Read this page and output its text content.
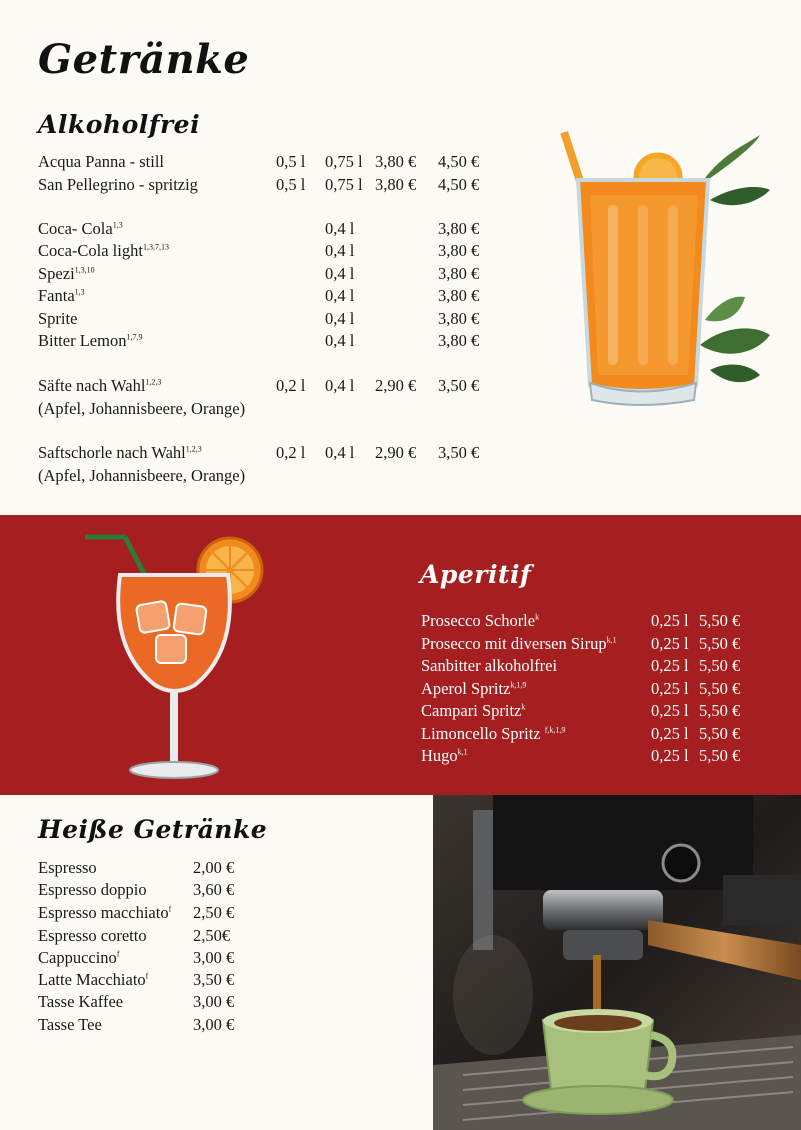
Getränke
Alkoholfrei
Acqua Panna - still	0,5 l 0,75 l 3,80 € 4,50 €
San Pellegrino - spritzig	0,5 l 0,75 l 3,80 € 4,50 €
Coca- Cola$^{1,3}$	0,4 l	3,80 €
Coca-Cola light$^{1,3,7,13}$	0,4 l	3,80 €
Spezi$^{1,3,10}$	0,4 l	3,80 €
Fanta$^{1,3}$	0,4 l	3,80 €
Sprite	0,4 l	3,80 €
Bitter Lemon$^{1,7,9}$	0,4 l	3,80 €
Säfte nach Wahl$^{1,2,3}$	0,2 l 0,4 l 2,90 € 3,50 €
(Apfel, Johannisbeere, Orange)
Saftschorle nach Wahl$^{1,2,3}$	0,2 l 0,4 l 2,90 € 3,50 €
(Apfel, Johannisbeere, Orange)
Aperitif
Prosecco Schorle$^k$	0,25 l 5,50 €
Prosecco mit diversen Sirup$^{k,1}$ 0,25 l 5,50 €
Sanbitter alkoholfrei	0,25 l 5,50 €
Aperol Spritz$^{k,1,9}$	0,25 l 5,50 €
Campari Spritz$^k$	0,25 l 5,50 €
Limoncello Spritz $^{f,k,1,9}$	0,25 l 5,50 €
Hugo$^{k,1}$	0,25 l 5,50 €
Heiße Getränke
Espresso	2,00 €
Espresso doppio	3,60 €
Espresso macchiato$^f$ 2,50 €
Espresso coretto	2,50€
Cappuccino$^f$	3,00 €
Latte Macchiato$^f$	3,50 €
Tasse Kaffee	3,00 €
Tasse Tee	3,00 €
